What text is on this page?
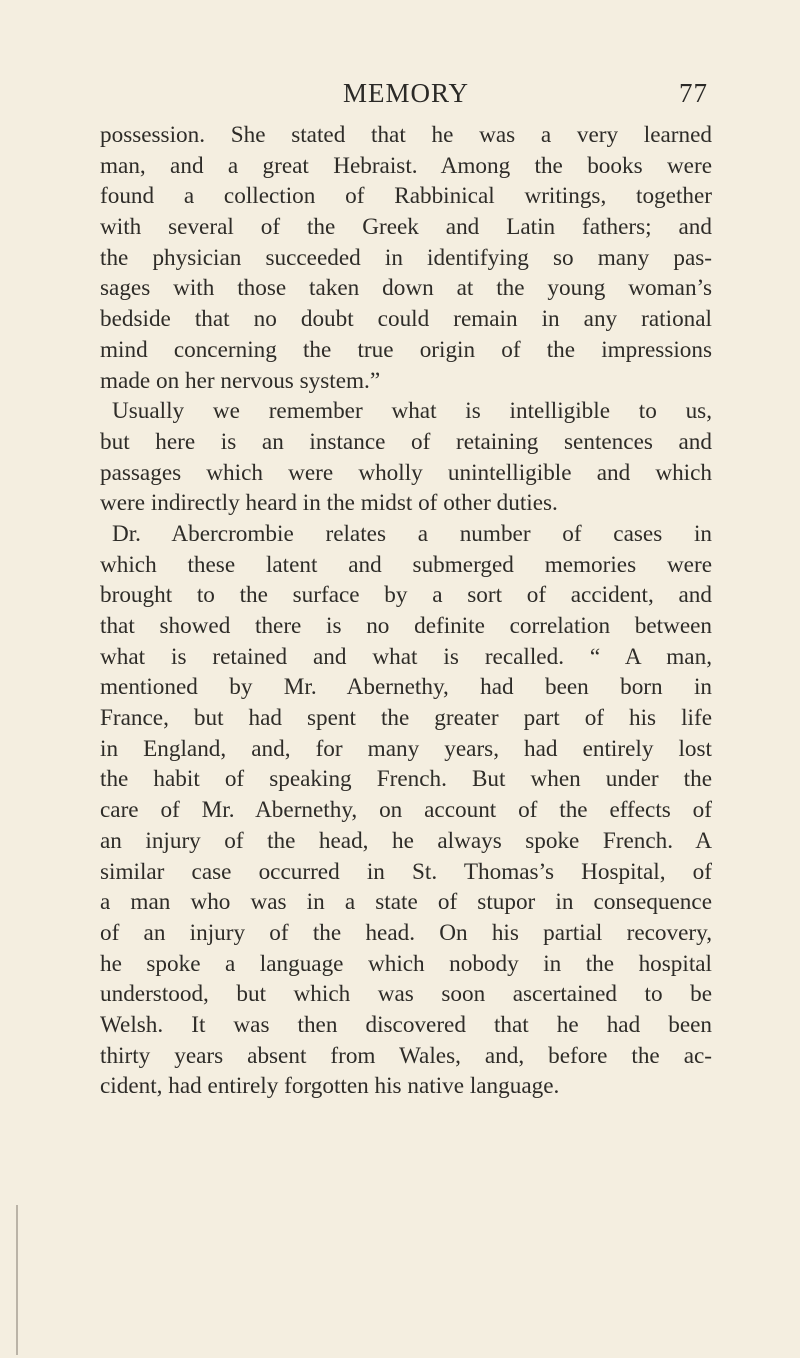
MEMORY	77
possession. She stated that he was a very learned
man, and a great Hebraist. Among the books were
found a collection of Rabbinical writings, together
with several of the Greek and Latin fathers; and
the physician succeeded in identifying so many pas-
sages with those taken down at the young woman’s
bedside that no doubt could remain in any rational
mind concerning the true origin of the impressions
made on her nervous system.”
Usually we remember what is intelligible to us,
but here is an instance of retaining sentences and
passages which were wholly unintelligible and which
were indirectly heard in the midst of other duties.
Dr. Abercrombie relates a number of cases in
which these latent and submerged memories were
brought to the surface by a sort of accident, and
that showed there is no definite correlation between
what is retained and what is recalled. “ A man,
mentioned by Mr. Abernethy, had been born in
France, but had spent the greater part of his life
in England, and, for many years, had entirely lost
the habit of speaking French. But when under the
care of Mr. Abernethy, on account of the effects of
an injury of the head, he always spoke French. A
similar case occurred in St. Thomas’s Hospital, of
a man who was in a state of stupor in consequence
of an injury of the head. On his partial recovery,
he spoke a language which nobody in the hospital
understood, but which was soon ascertained to be
Welsh. It was then discovered that he had been
thirty years absent from Wales, and, before the ac-
cident, had entirely forgotten his native language.
